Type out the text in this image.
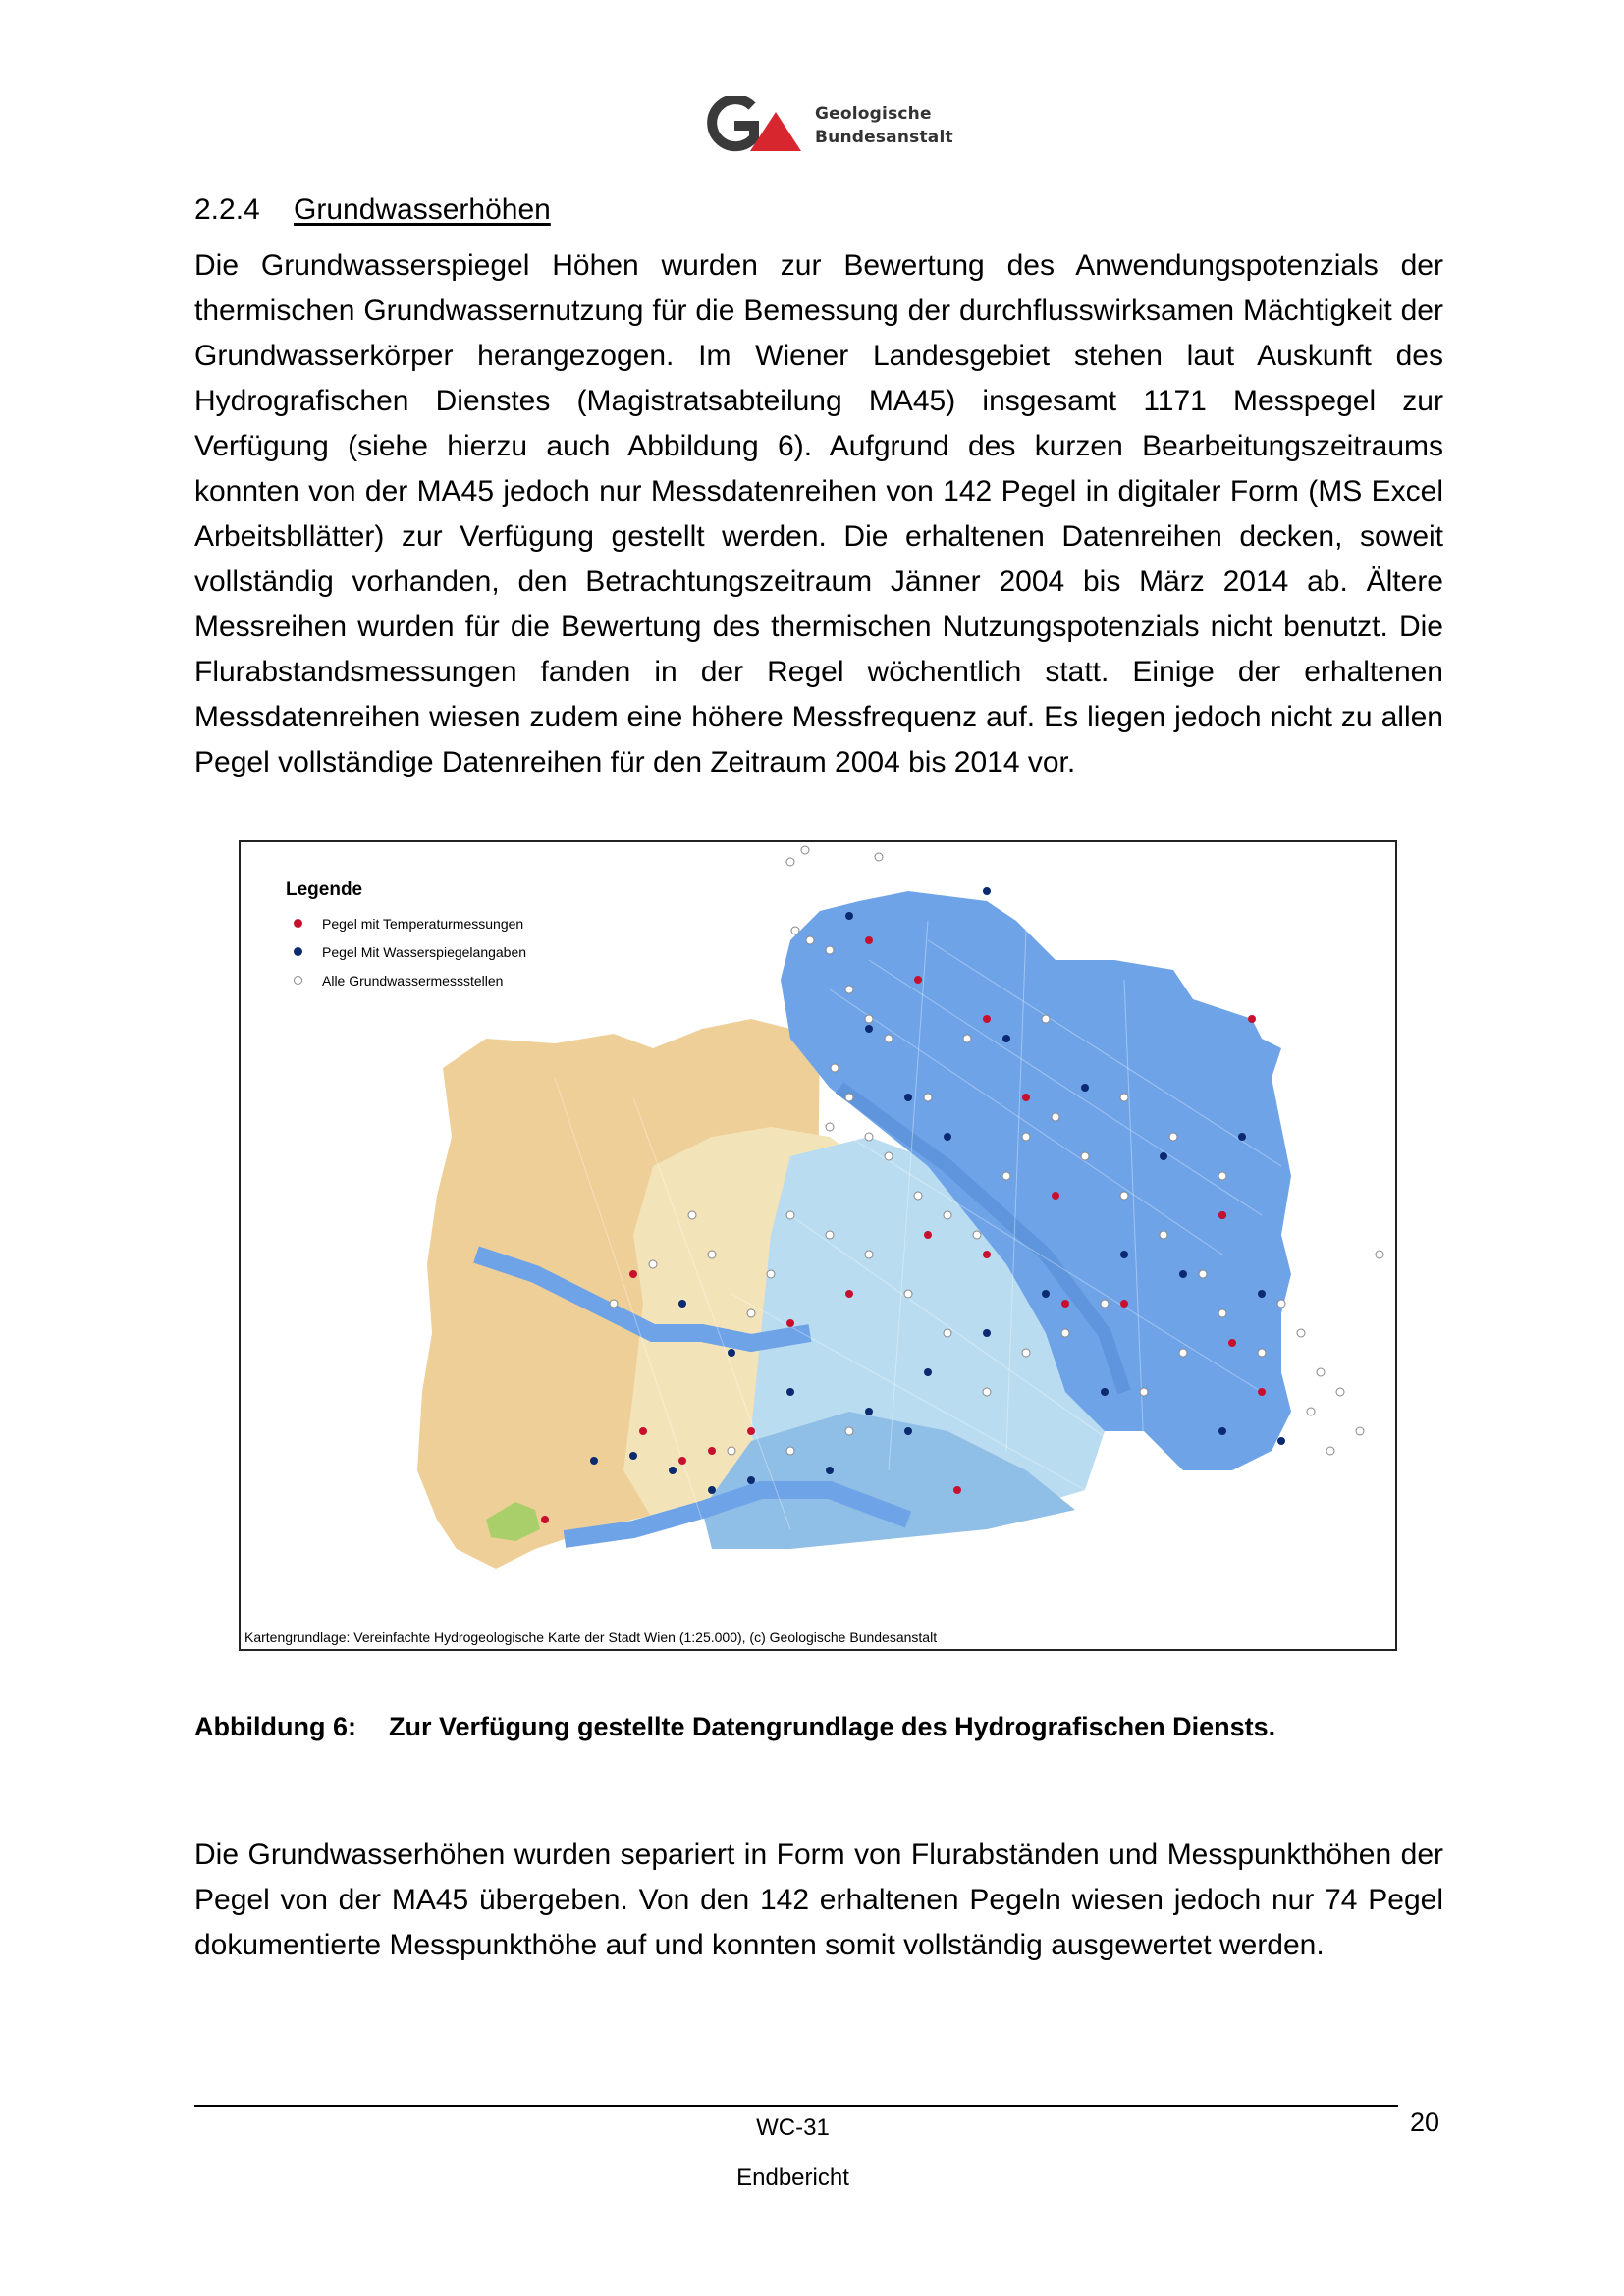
Geologische
Bundesanstalt
2.2.4 Grundwasserhöhen
Die Grundwasserspiegel Höhen wurden zur Bewertung des Anwendungspotenzials der thermischen Grundwassernutzung für die Bemessung der durchflusswirksamen Mächtigkeit der Grundwasserkörper herangezogen. Im Wiener Landesgebiet stehen laut Auskunft des Hydrografischen Dienstes (Magistratsabteilung MA45) insgesamt 1171 Messpegel zur Verfügung (siehe hierzu auch Abbildung 6). Aufgrund des kurzen Bearbeitungszeitraums konnten von der MA45 jedoch nur Messdatenreihen von 142 Pegel in digitaler Form (MS Excel Arbeitsbllätter) zur Verfügung gestellt werden. Die erhaltenen Datenreihen decken, soweit vollständig vorhanden, den Betrachtungszeitraum Jänner 2004 bis März 2014 ab. Ältere Messreihen wurden für die Bewertung des thermischen Nutzungspotenzials nicht benutzt. Die Flurabstandsmessungen fanden in der Regel wöchentlich statt. Einige der erhaltenen Messdatenreihen wiesen zudem eine höhere Messfrequenz auf. Es liegen jedoch nicht zu allen Pegel vollständige Datenreihen für den Zeitraum 2004 bis 2014 vor.
Legende
Pegel mit Temperaturmessungen
Pegel Mit Wasserspiegelangaben
Alle Grundwassermessstellen
Kartengrundlage: Vereinfachte Hydrogeologische Karte der Stadt Wien (1:25.000), (c) Geologische Bundesanstalt
Abbildung 6: Zur Verfügung gestellte Datengrundlage des Hydrografischen Diensts.
Die Grundwasserhöhen wurden separiert in Form von Flurabständen und Messpunkthöhen der Pegel von der MA45 übergeben. Von den 142 erhaltenen Pegeln wiesen jedoch nur 74 Pegel dokumentierte Messpunkthöhe auf und konnten somit vollständig ausgewertet werden.
WC-31	20
Endbericht
